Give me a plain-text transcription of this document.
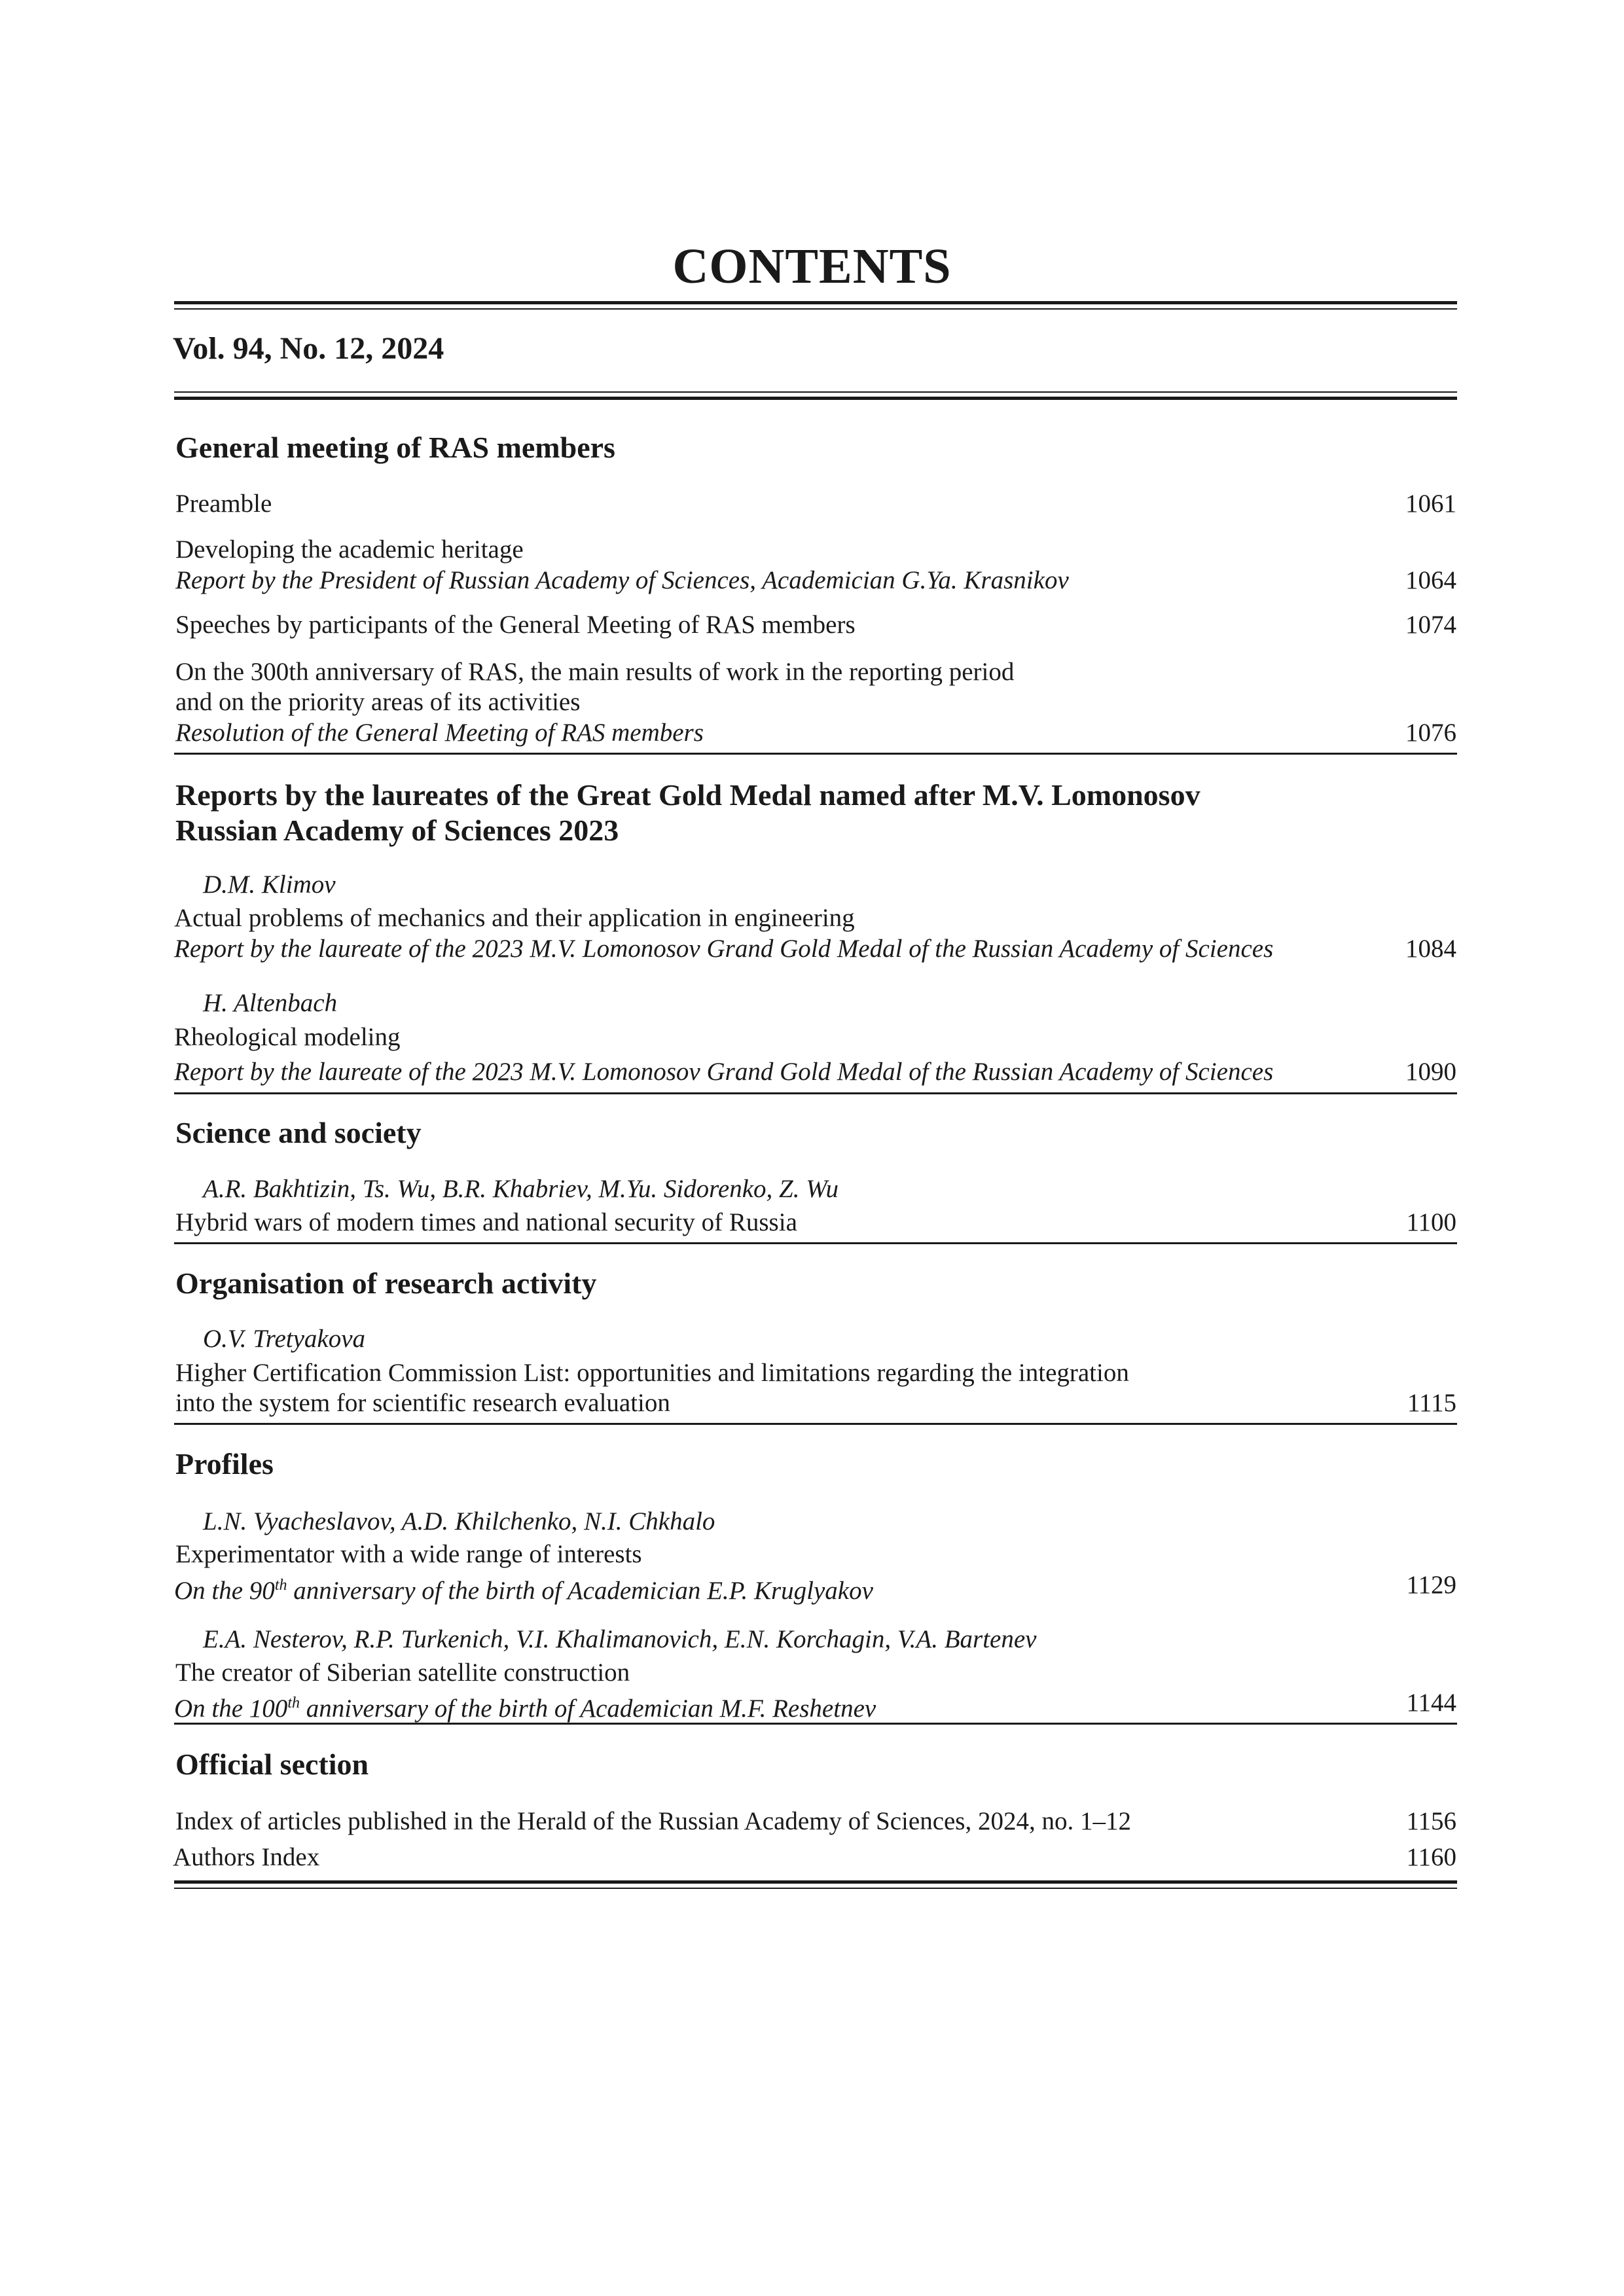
CONTENTS
Vol. 94, No. 12, 2024
General meeting of RAS members
Preamble	1061
Developing the academic heritage
Report by the President of Russian Academy of Sciences, Academician G.Ya. Krasnikov	1064
Speeches by participants of the General Meeting of RAS members	1074
On the 300th anniversary of RAS, the main results of work in the reporting period
and on the priority areas of its activities
Resolution of the General Meeting of RAS members	1076
Reports by the laureates of the Great Gold Medal named after M.V. Lomonosov
Russian Academy of Sciences 2023
D.M. Klimov
Actual problems of mechanics and their application in engineering
Report by the laureate of the 2023 M.V. Lomonosov Grand Gold Medal of the Russian Academy of Sciences	1084
H. Altenbach
Rheological modeling
Report by the laureate of the 2023 M.V. Lomonosov Grand Gold Medal of the Russian Academy of Sciences	1090
Science and society
A.R. Bakhtizin, Ts. Wu, B.R. Khabriev, M.Yu. Sidorenko, Z. Wu
Hybrid wars of modern times and national security of Russia	1100
Organisation of research activity
O.V. Tretyakova
Higher Certification Commission List: opportunities and limitations regarding the integration
into the system for scientific research evaluation	1115
Profiles
L.N. Vyacheslavov, A.D. Khilchenko, N.I. Chkhalo
Experimentator with a wide range of interests
On the 90th anniversary of the birth of Academician E.P. Kruglyakov	1129
E.A. Nesterov, R.P. Turkenich, V.I. Khalimanovich, E.N. Korchagin, V.A. Bartenev
The creator of Siberian satellite construction
On the 100th anniversary of the birth of Academician M.F. Reshetnev	1144
Official section
Index of articles published in the Herald of the Russian Academy of Sciences, 2024, no. 1–12	1156
Authors Index	1160
